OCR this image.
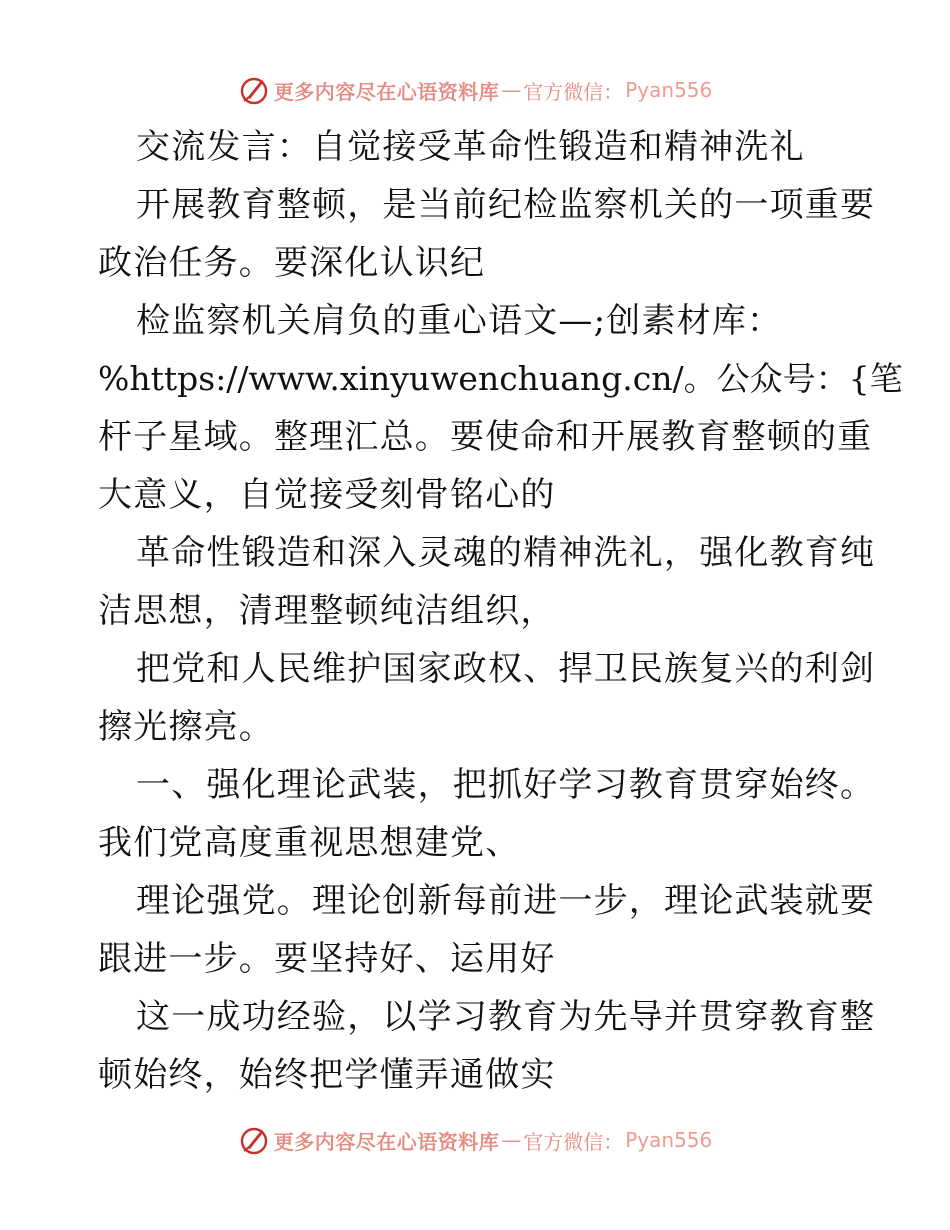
更多内容尽在心语资料库 — 官方微信： Pyan556
交流发言：自觉接受革命性锻造和精神洗礼
开展教育整顿，是当前纪检监察机关的一项重要
政治任务。要深化认识纪
检监察机关肩负的重心语文—;创素材库：
%https://www.xinyuwenchuang.cn/。公众号：{笔
杆子星域。整理汇总。要使命和开展教育整顿的重
大意义，自觉接受刻骨铭心的
革命性锻造和深入灵魂的精神洗礼，强化教育纯
洁思想，清理整顿纯洁组织，
把党和人民维护国家政权、捍卫民族复兴的利剑
擦光擦亮。
一、强化理论武装，把抓好学习教育贯穿始终。
我们党高度重视思想建党、
理论强党。理论创新每前进一步，理论武装就要
跟进一步。要坚持好、运用好
这一成功经验，以学习教育为先导并贯穿教育整
顿始终，始终把学懂弄通做实
更多内容尽在心语资料库 — 官方微信： Pyan556
